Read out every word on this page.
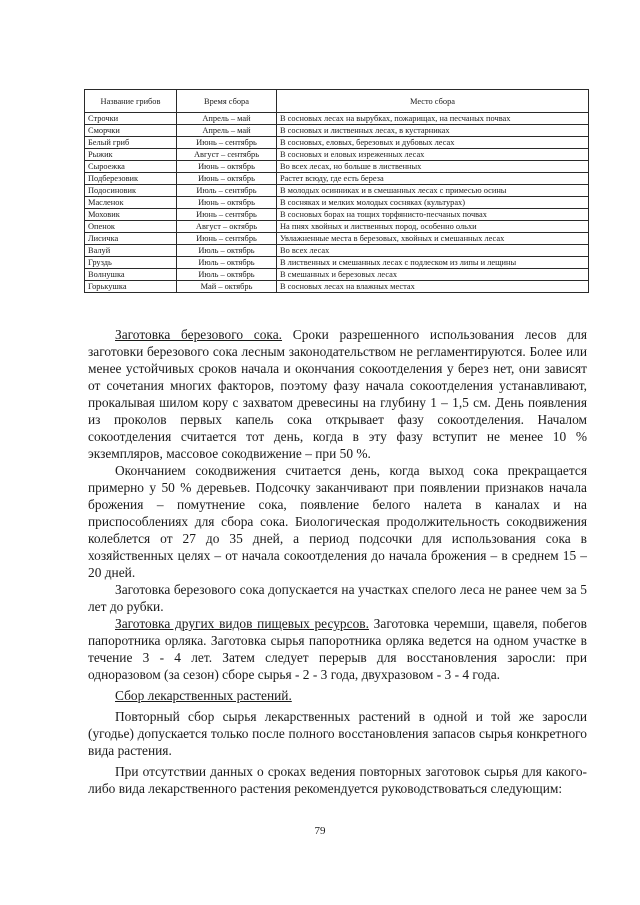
Название грибов	Время сбора	Место сбора
Строчки	Апрель – май	В сосновых лесах на вырубках, пожарищах, на песчаных почвах
Сморчки	Апрель – май	В сосновых и лиственных лесах, в кустарниках
Белый гриб	Июнь – сентябрь	В сосновых, еловых, березовых и дубовых лесах
Рыжик	Август – сентябрь	В сосновых и еловых изреженных лесах
Сыроежка	Июнь – октябрь	Во всех лесах, но больше в лиственных
Подберезовик	Июнь – октябрь	Растет всюду, где есть береза
Подосиновик	Июль – сентябрь	В молодых осинниках и в смешанных лесах с примесью осины
Масленок	Июнь – октябрь	В сосняках и мелких молодых сосняках (культурах)
Моховик	Июнь – сентябрь	В сосновых борах на тощих торфянисто-песчаных почвах
Опенок	Август – октябрь	На пнях хвойных и лиственных пород, особенно ольхи
Лисичка	Июнь – сентябрь	Увлажненные места в березовых, хвойных и смешанных лесах
Валуй	Июль – октябрь	Во всех лесах
Груздь	Июль – октябрь	В лиственных и смешанных лесах с подлеском из липы и лещины
Волнушка	Июль – октябрь	В смешанных и березовых лесах
Горькушка	Май – октябрь	В сосновых лесах на влажных местах

Заготовка березового сока. Сроки разрешенного использования лесов для заготовки березового сока лесным законодательством не регламентируются. Более или менее устойчивых сроков начала и окончания сокоотделения у берез нет, они зависят от сочетания многих факторов, поэтому фазу начала сокоотделения устанавливают, прокалывая шилом кору с захватом древесины на глубину 1 – 1,5 см. День появления из проколов первых капель сока открывает фазу сокоотделения. Началом сокоотделения считается тот день, когда в эту фазу вступит не менее 10 % экземпляров, массовое сокодвижение – при 50 %.

Окончанием сокодвижения считается день, когда выход сока прекращается примерно у 50 % деревьев. Подсочку заканчивают при появлении признаков начала брожения – помутнение сока, появление белого налета в каналах и на приспособлениях для сбора сока. Биологическая продолжительность сокодвижения колеблется от 27 до 35 дней, а период подсочки для использования сока в хозяйственных целях – от начала сокоотделения до начала брожения – в среднем 15 – 20 дней.

Заготовка березового сока допускается на участках спелого леса не ранее чем за 5 лет до рубки.

Заготовка других видов пищевых ресурсов. Заготовка черемши, щавеля, побегов папоротника орляка. Заготовка сырья папоротника орляка ведется на одном участке в течение 3 - 4 лет. Затем следует перерыв для восстановления заросли: при одноразовом (за сезон) сборе сырья - 2 - 3 года, двухразовом - 3 - 4 года.

Сбор лекарственных растений.

Повторный сбор сырья лекарственных растений в одной и той же заросли (угодье) допускается только после полного восстановления запасов сырья конкретного вида растения.

При отсутствии данных о сроках ведения повторных заготовок сырья для какого-либо вида лекарственного растения рекомендуется руководствоваться следующим:

79
